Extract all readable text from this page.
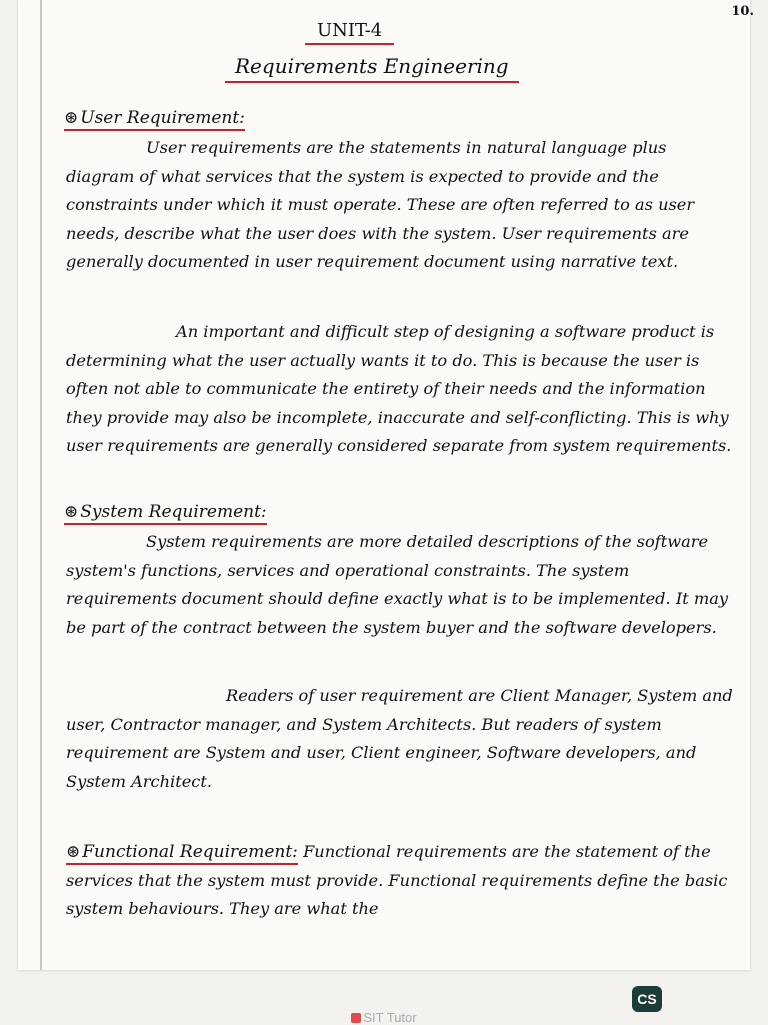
10.
UNIT-4
Requirements Engineering
⊛ User Requirement:

User requirements are the statements in natural language plus diagram of what services that the system is expected to provide and the constraints under which it must operate. These are often referred to as user needs, describe what the user does with the system. User requirements are generally documented in user requirement document using narrative text.

An important and difficult step of designing a software product is determining what the user actually wants it to do. This is because the user is often not able to communicate the entirety of their needs and the information they provide may also be incomplete, inaccurate and self-conflicting. This is why user requirements are generally considered separate from system requirements.

⊛ System Requirement:

System requirements are more detailed descriptions of the software system's functions, services and operational constraints. The system requirements document should define exactly what is to be implemented. It may be part of the contract between the system buyer and the software developers.

Readers of user requirement are Client Manager, System and user, Contractor manager, and System Architects. But readers of system requirement are System and user, Client engineer, Software developers, and System Architect.

⊛ Functional Requirement: Functional requirements are the statement of the services that the system must provide. Functional requirements define the basic system behaviours. They are what the

CS
SIT Tutor
